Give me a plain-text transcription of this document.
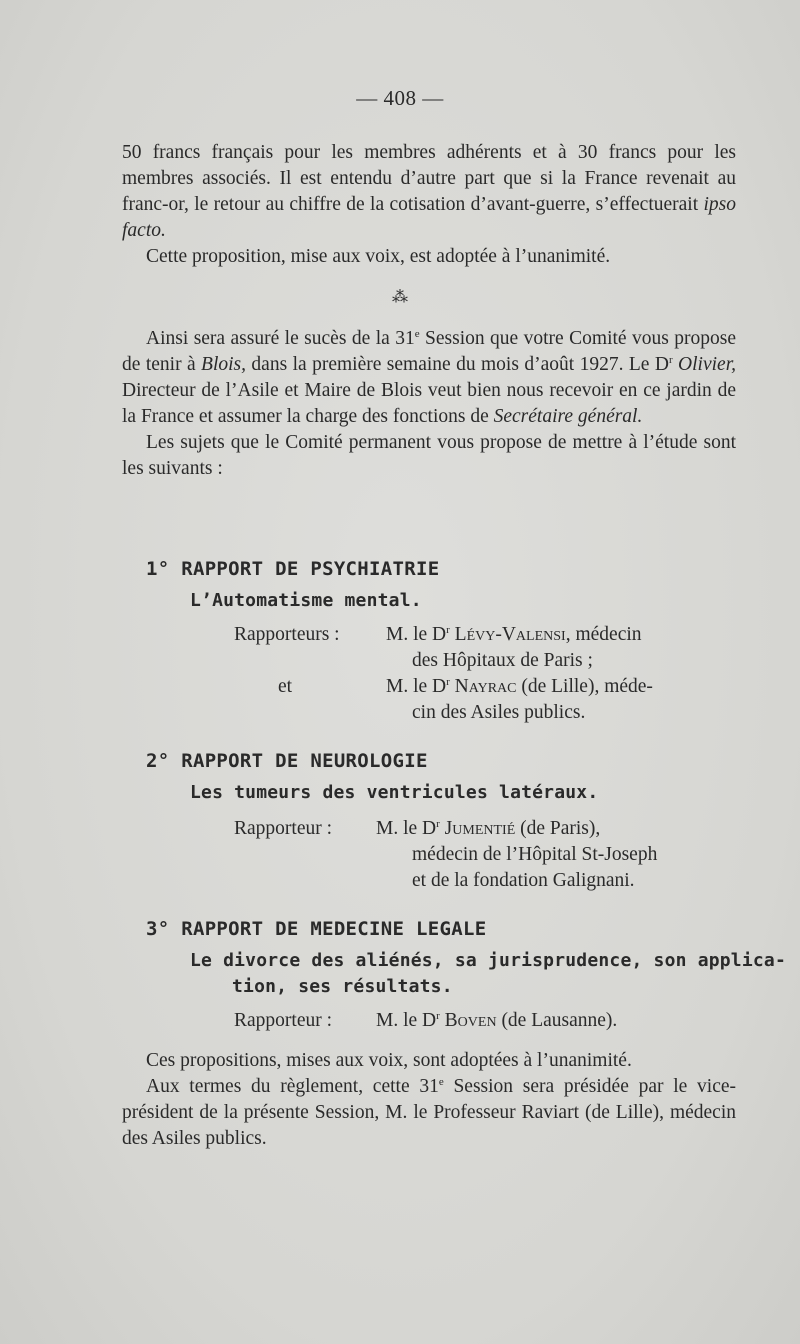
— 408 —

50 francs français pour les membres adhérents et à 30 francs pour les membres associés. Il est entendu d’autre part que si la France revenait au franc-or, le retour au chiffre de la cotisation d’avant-guerre, s’effectuerait ipso facto.

Cette proposition, mise aux voix, est adoptée à l’unanimité.

⁂

Ainsi sera assuré le sucès de la 31e Session que votre Comité vous propose de tenir à Blois, dans la première semaine du mois d’août 1927. Le $D^r$ Olivier, Directeur de l’Asile et Maire de Blois veut bien nous recevoir en ce jardin de la France et assumer la charge des fonctions de Secrétaire général.

Les sujets que le Comité permanent vous propose de mettre à l’étude sont les suivants :

1° RAPPORT DE PSYCHIATRIE
L’Automatisme mental.
Rapporteurs : M. le $D^r$ Lévy-Valensi, médecin
des Hôpitaux de Paris ;
et	M. le $D^r$ Nayrac (de Lille), méde-
cin des Asiles publics.
2° RAPPORT DE NEUROLOGIE
Les tumeurs des ventricules latéraux.
Rapporteur : M. le $D^r$ Jumentié (de Paris),
médecin de l’Hôpital St-Joseph
et de la fondation Galignani.
3° RAPPORT DE MEDECINE LEGALE
Le divorce des aliénés, sa jurisprudence, son applica-
tion, ses résultats.
Rapporteur : M. le $D^r$ Boven (de Lausanne).

Ces propositions, mises aux voix, sont adoptées à l’unanimité.

Aux termes du règlement, cette 31e Session sera présidée par le vice-président de la présente Session, M. le Professeur Raviart (de Lille), médecin des Asiles publics.
